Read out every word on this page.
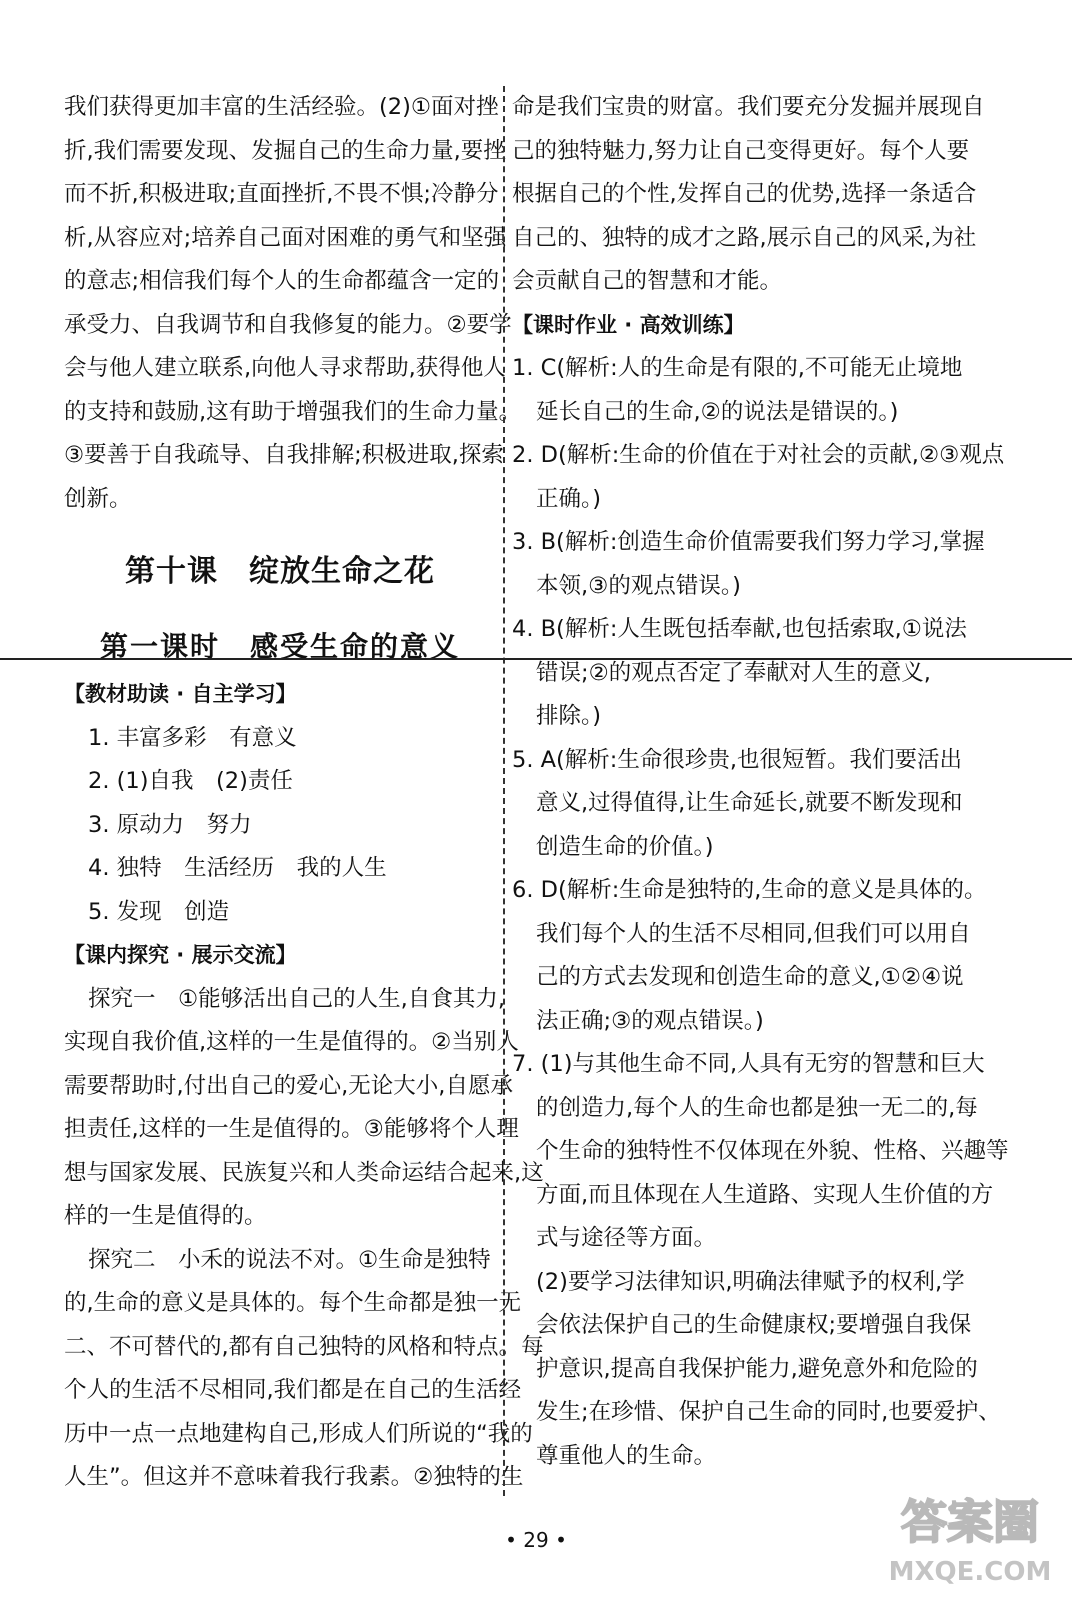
我们获得更加丰富的生活经验。(2)①面对挫

折,我们需要发现、发掘自己的生命力量,要挫

而不折,积极进取;直面挫折,不畏不惧;冷静分

析,从容应对;培养自己面对困难的勇气和坚强

的意志;相信我们每个人的生命都蕴含一定的

承受力、自我调节和自我修复的能力。②要学

会与他人建立联系,向他人寻求帮助,获得他人

的支持和鼓励,这有助于增强我们的生命力量。

③要善于自我疏导、自我排解;积极进取,探索

创新。

第十课　绽放生命之花
第一课时　感受生命的意义

【教材助读 · 自主学习】

1. 丰富多彩　有意义

2. (1)自我　(2)责任

3. 原动力　努力

4. 独特　生活经历　我的人生

5. 发现　创造

【课内探究 · 展示交流】

探究一　①能够活出自己的人生,自食其力,

实现自我价值,这样的一生是值得的。②当别人

需要帮助时,付出自己的爱心,无论大小,自愿承

担责任,这样的一生是值得的。③能够将个人理

想与国家发展、民族复兴和人类命运结合起来,这

样的一生是值得的。

探究二　小禾的说法不对。①生命是独特

的,生命的意义是具体的。每个生命都是独一无

二、不可替代的,都有自己独特的风格和特点。每

个人的生活不尽相同,我们都是在自己的生活经

历中一点一点地建构自己,形成人们所说的“我的

人生”。但这并不意味着我行我素。②独特的生

命是我们宝贵的财富。我们要充分发掘并展现自

己的独特魅力,努力让自己变得更好。每个人要

根据自己的个性,发挥自己的优势,选择一条适合

自己的、独特的成才之路,展示自己的风采,为社

会贡献自己的智慧和才能。

【课时作业 · 高效训练】

1. C(解析:人的生命是有限的,不可能无止境地

延长自己的生命,②的说法是错误的。)

2. D(解析:生命的价值在于对社会的贡献,②③观点

正确。)

3. B(解析:创造生命价值需要我们努力学习,掌握

本领,③的观点错误。)

4. B(解析:人生既包括奉献,也包括索取,①说法

错误;②的观点否定了奉献对人生的意义,

排除。)

5. A(解析:生命很珍贵,也很短暂。我们要活出

意义,过得值得,让生命延长,就要不断发现和

创造生命的价值。)

6. D(解析:生命是独特的,生命的意义是具体的。

我们每个人的生活不尽相同,但我们可以用自

己的方式去发现和创造生命的意义,①②④说

法正确;③的观点错误。)

7. (1)与其他生命不同,人具有无穷的智慧和巨大

的创造力,每个人的生命也都是独一无二的,每

个生命的独特性不仅体现在外貌、性格、兴趣等

方面,而且体现在人生道路、实现人生价值的方

式与途径等方面。

(2)要学习法律知识,明确法律赋予的权利,学

会依法保护自己的生命健康权;要增强自我保

护意识,提高自我保护能力,避免意外和危险的

发生;在珍惜、保护自己生命的同时,也要爱护、

尊重他人的生命。

• 29 •	答案圈
MXQE.COM
